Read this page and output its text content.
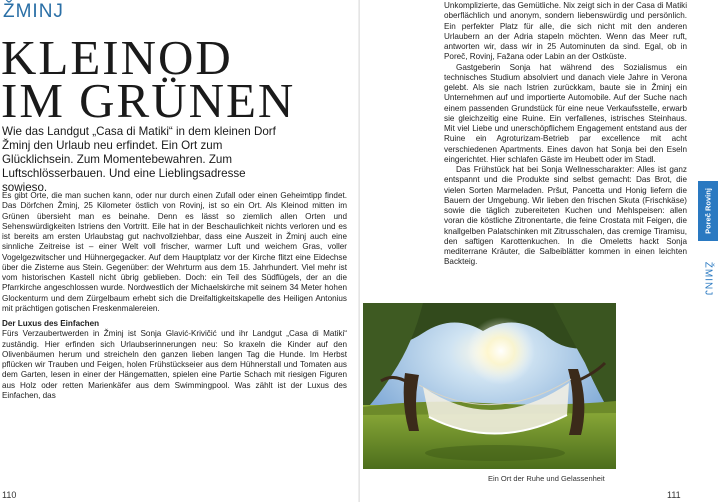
ŽMINJ
KLEINOD
IM GRÜNEN
Wie das Landgut „Casa di Matiki“ in dem kleinen Dorf Žminj den Urlaub neu erfindet. Ein Ort zum Glücklichsein. Zum Momentebewahren. Zum Luftschlösserbauen. Und eine Lieblingsadresse sowieso.

Es gibt Orte, die man suchen kann, oder nur durch einen Zufall oder einen Geheimtipp findet. Das Dörfchen Žminj, 25 Kilometer östlich von Rovinj, ist so ein Ort. Als Kleinod mitten im Grünen übersieht man es beinahe. Denn es lässt so ziemlich allen Orten und Sehenswürdigkeiten Istriens den Vortritt. Eile hat in der Beschaulichkeit nichts verloren und es ist bereits am ersten Urlaubstag gut nachvollziehbar, dass eine Auszeit in Žminj auch eine sinnliche Zeitreise ist – einer Welt voll frischer, warmer Luft und weichem Gras, voller Vogelgezwitscher und Hühnergegacker. Auf dem Hauptplatz vor der Kirche flitzt eine Eidechse über die Zisterne aus Stein. Gegenüber: der Wehrturm aus dem 15. Jahrhundert. Viel mehr ist vom historischen Kastell nicht übrig geblieben. Doch: ein Teil des Südflügels, der an die Pfarrkirche angeschlossen wurde. Nordwestlich der Michaelskirche mit seinem 34 Meter hohen Glockenturm und dem Zürgelbaum erhebt sich die Dreifaltigkeitskapelle des Heiligen Antonius mit prächtigen gotischen Freskenmalereien.

Der Luxus des Einfachen

Fürs Verzaubertwerden in Žminj ist Sonja Glavić-Krivičić und ihr Landgut „Casa di Matiki“ zuständig. Hier erfinden sich Urlaubserinnerungen neu: So kraxeln die Kinder auf den Olivenbäumen herum und streicheln den ganzen lieben langen Tag die Hunde. Im Herbst pflücken wir Trauben und Feigen, holen Frühstückseier aus dem Hühnerstall und Tomaten aus dem Garten, lesen in einer der Hängematten, spielen eine Partie Schach mit riesigen Figuren aus Holz oder retten Marienkäfer aus dem Swimmingpool. Was zählt ist der Luxus des Einfachen, das

110

Unkomplizierte, das Gemütliche. Nix zeigt sich in der Casa di Matiki oberflächlich und anonym, sondern liebenswürdig und persönlich. Ein perfekter Platz für alle, die sich nicht mit den anderen Urlaubern an der Adria stapeln möchten. Wenn das Meer ruft, antworten wir, dass wir in 25 Autominuten da sind. Egal, ob in Poreč, Rovinj, Fažana oder Labin an der Ostküste.

Gastgeberin Sonja hat während des Sozialismus ein technisches Studium absolviert und danach viele Jahre in Verona gelebt. Als sie nach Istrien zurückkam, baute sie in Žminj ein Unternehmen auf und importierte Automobile. Auf der Suche nach einem passenden Grundstück für eine neue Verkaufsstelle, erwarb sie gleichzeitig eine Ruine. Ein verfallenes, istrisches Steinhaus. Mit viel Liebe und unerschöpflichem Engagement entstand aus der Ruine ein Agroturizam-Betrieb par excellence mit acht verschiedenen Apartments. Eines davon hat Sonja bei den Eseln eingerichtet. Hier schlafen Gäste im Heubett oder im Stadl.

Das Frühstück hat bei Sonja Wellnesscharakter: Alles ist ganz entspannt und die Produkte sind selbst gemacht: Das Brot, die vielen Sorten Marmeladen. Pršut, Pancetta und Honig liefern die Bauern der Umgebung. Wir lieben den frischen Skuta (Frischkäse) sowie die täglich zubereiteten Kuchen und Mehlspeisen: allen voran die köstliche Zitronentarte, die feine Crostata mit Feigen, die knallgelben Palatschinken mit Zitrusschalen, das cremige Tiramisu, den saftigen Karottenkuchen. In die Omeletts hackt Sonja mediterrane Kräuter, die Salbeiblätter kommen in einen leichten Backteig.

Ein Ort der Ruhe und Gelassenheit
111
Poreč Rovinj
ŽMINJ
